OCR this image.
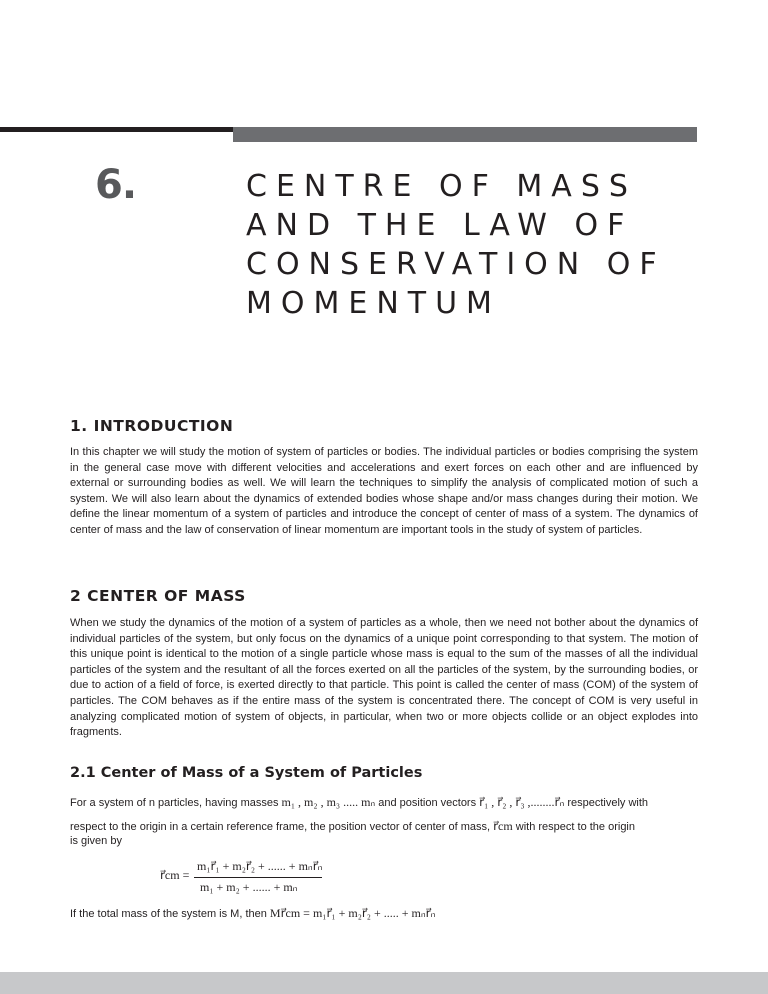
6.	CENTRE OF MASS
AND THE LAW OF
CONSERVATION OF
MOMENTUM
1. INTRODUCTION

In this chapter we will study the motion of system of particles or bodies. The individual particles or bodies comprising the system in the general case move with different velocities and accelerations and exert forces on each other and are influenced by external or surrounding bodies as well. We will learn the techniques to simplify the analysis of complicated motion of such a system. We will also learn about the dynamics of extended bodies whose shape and/or mass changes during their motion. We define the linear momentum of a system of particles and introduce the concept of center of mass of a system. The dynamics of center of mass and the law of conservation of linear momentum are important tools in the study of system of particles.

2 CENTER OF MASS

When we study the dynamics of the motion of a system of particles as a whole, then we need not bother about the dynamics of individual particles of the system, but only focus on the dynamics of a unique point corresponding to that system. The motion of this unique point is identical to the motion of a single particle whose mass is equal to the sum of the masses of all the individual particles of the system and the resultant of all the forces exerted on all the particles of the system, by the surrounding bodies, or due to action of a field of force, is exerted directly to that particle. This point is called the center of mass (COM) of the system of particles. The COM behaves as if the entire mass of the system is concentrated there. The concept of COM is very useful in analyzing complicated motion of system of objects, in particular, when two or more objects collide or an object explodes into fragments.

2.1 Center of Mass of a System of Particles
For a system of n particles, having masses m₁ , m₂ , m₃ ..... mₙ and position vectors r⃗₁ , r⃗₂ , r⃗₃ ,........r⃗ₙ respectively with
respect to the origin in a certain reference frame, the position vector of center of mass, r⃗cm with respect to the origin
is given by
r⃗cm =
m₁r⃗₁ + m₂r⃗₂ + ...... + mₙr⃗ₙ
m₁ + m₂ + ...... + mₙ
If the total mass of the system is M, then Mr⃗cm = m₁r⃗₁ + m₂r⃗₂ + ..... + mₙr⃗ₙ
